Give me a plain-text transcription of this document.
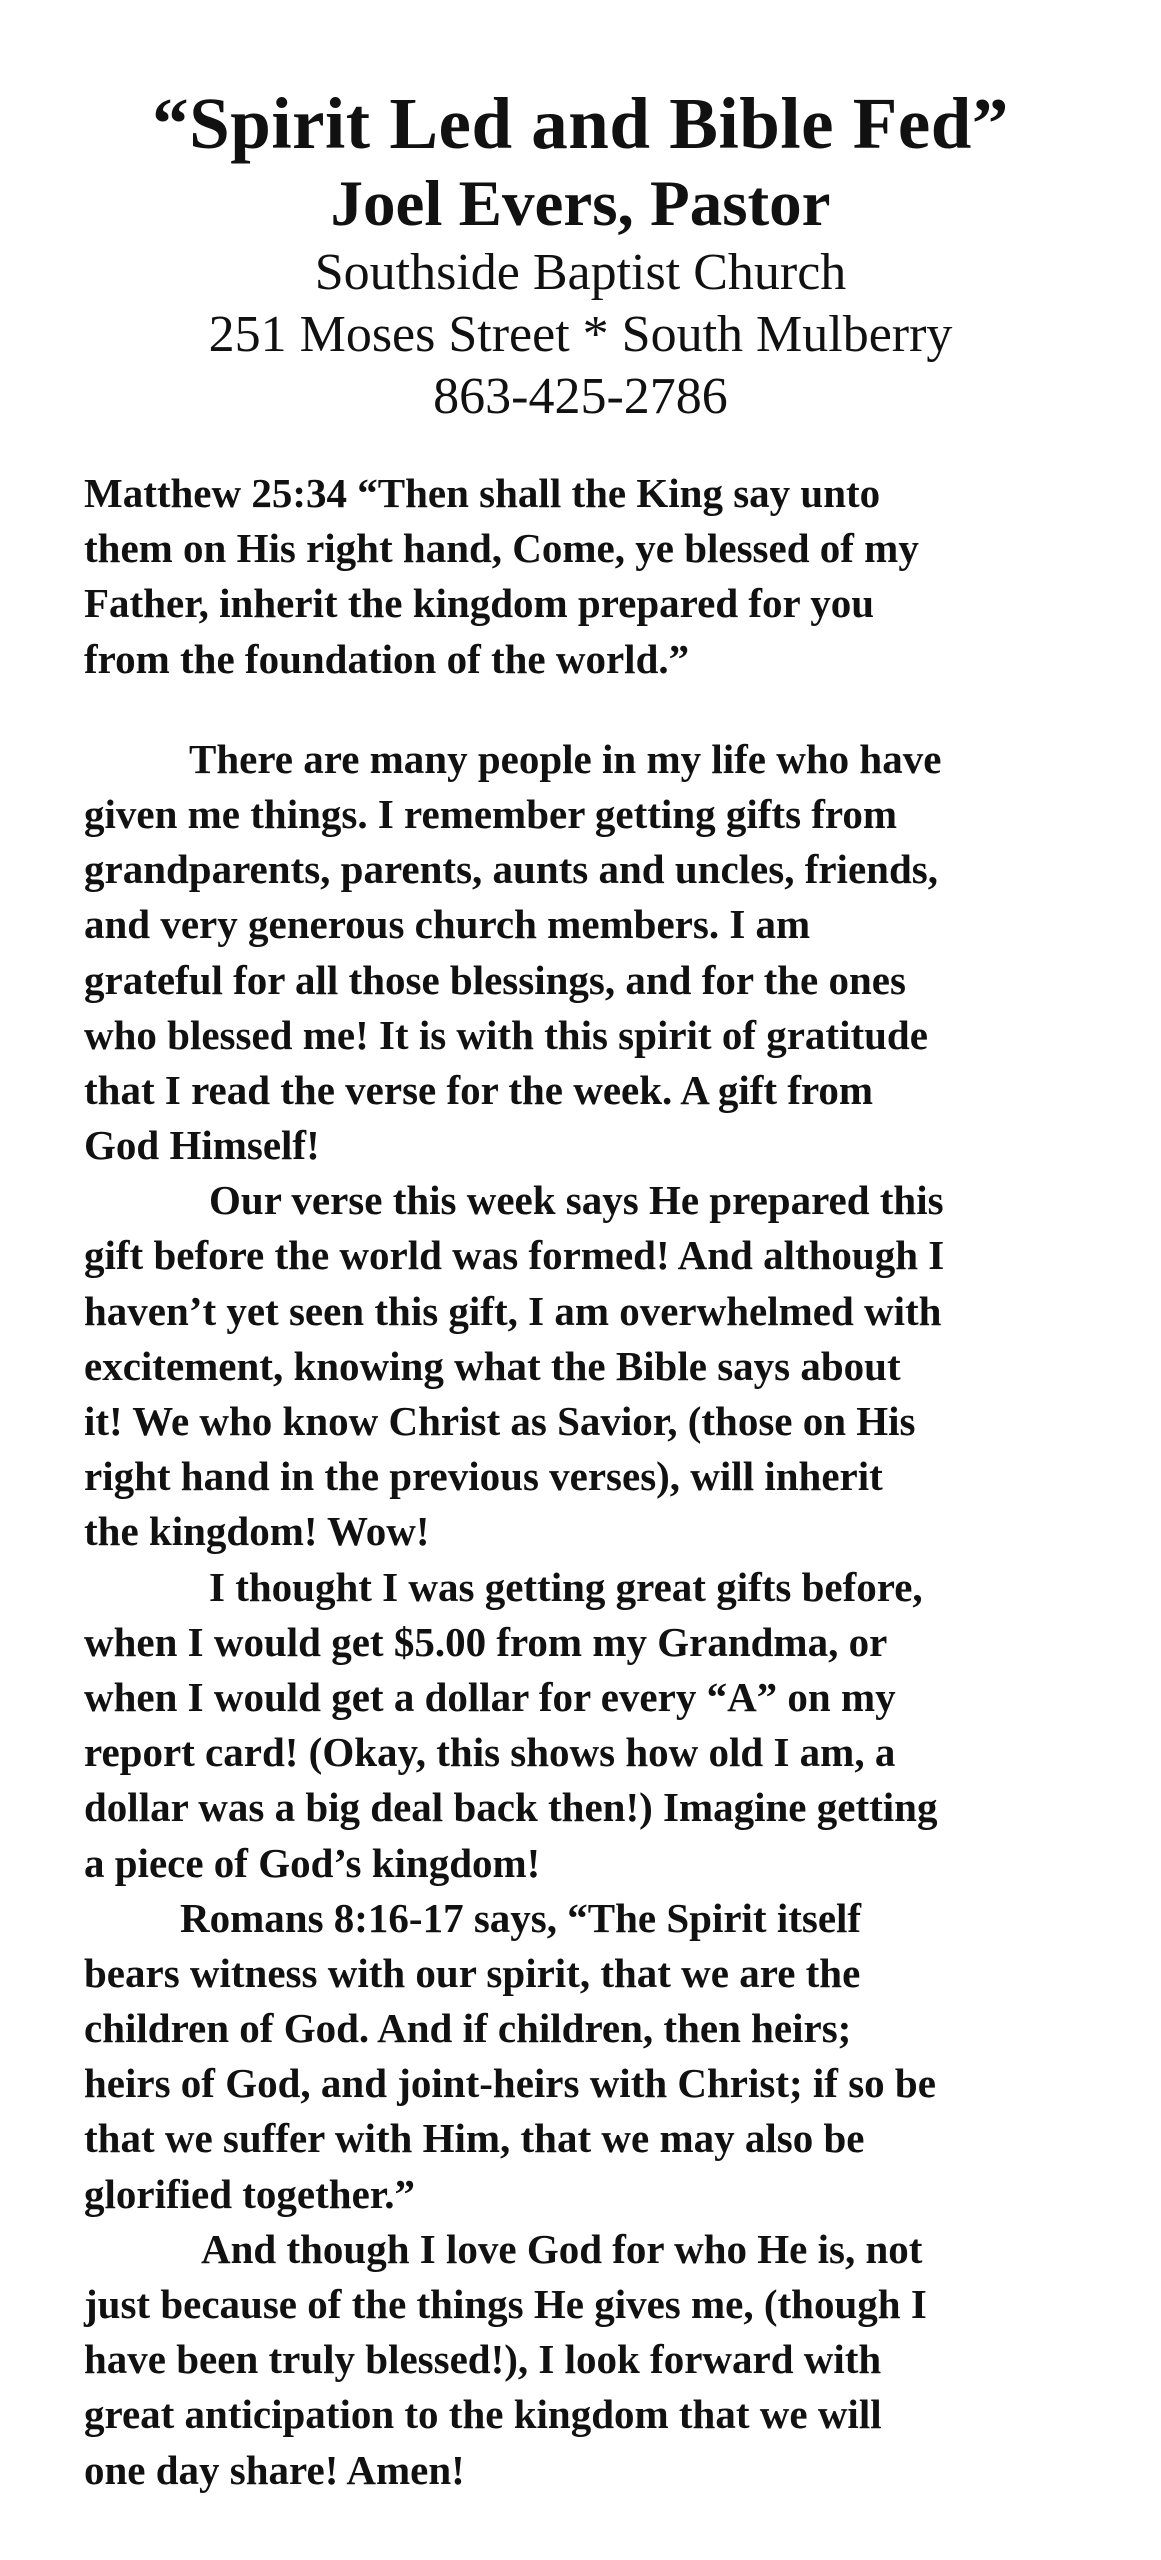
“Spirit Led and Bible Fed”
Joel Evers, Pastor
Southside Baptist Church
251 Moses Street * South Mulberry
863-425-2786
Matthew 25:34 “Then shall the King say unto
them on His right hand, Come, ye blessed of my
Father, inherit the kingdom prepared for you
from the foundation of the world.”
There are many people in my life who have
given me things. I remember getting gifts from
grandparents, parents, aunts and uncles, friends,
and very generous church members. I am
grateful for all those blessings, and for the ones
who blessed me! It is with this spirit of gratitude
that I read the verse for the week. A gift from
God Himself!
Our verse this week says He prepared this
gift before the world was formed! And although I
haven’t yet seen this gift, I am overwhelmed with
excitement, knowing what the Bible says about
it! We who know Christ as Savior, (those on His
right hand in the previous verses), will inherit
the kingdom! Wow!
I thought I was getting great gifts before,
when I would get $5.00 from my Grandma, or
when I would get a dollar for every “A” on my
report card! (Okay, this shows how old I am, a
dollar was a big deal back then!) Imagine getting
a piece of God’s kingdom!
Romans 8:16-17 says, “The Spirit itself
bears witness with our spirit, that we are the
children of God. And if children, then heirs;
heirs of God, and joint-heirs with Christ; if so be
that we suffer with Him, that we may also be
glorified together.”
And though I love God for who He is, not
just because of the things He gives me, (though I
have been truly blessed!), I look forward with
great anticipation to the kingdom that we will
one day share! Amen!
